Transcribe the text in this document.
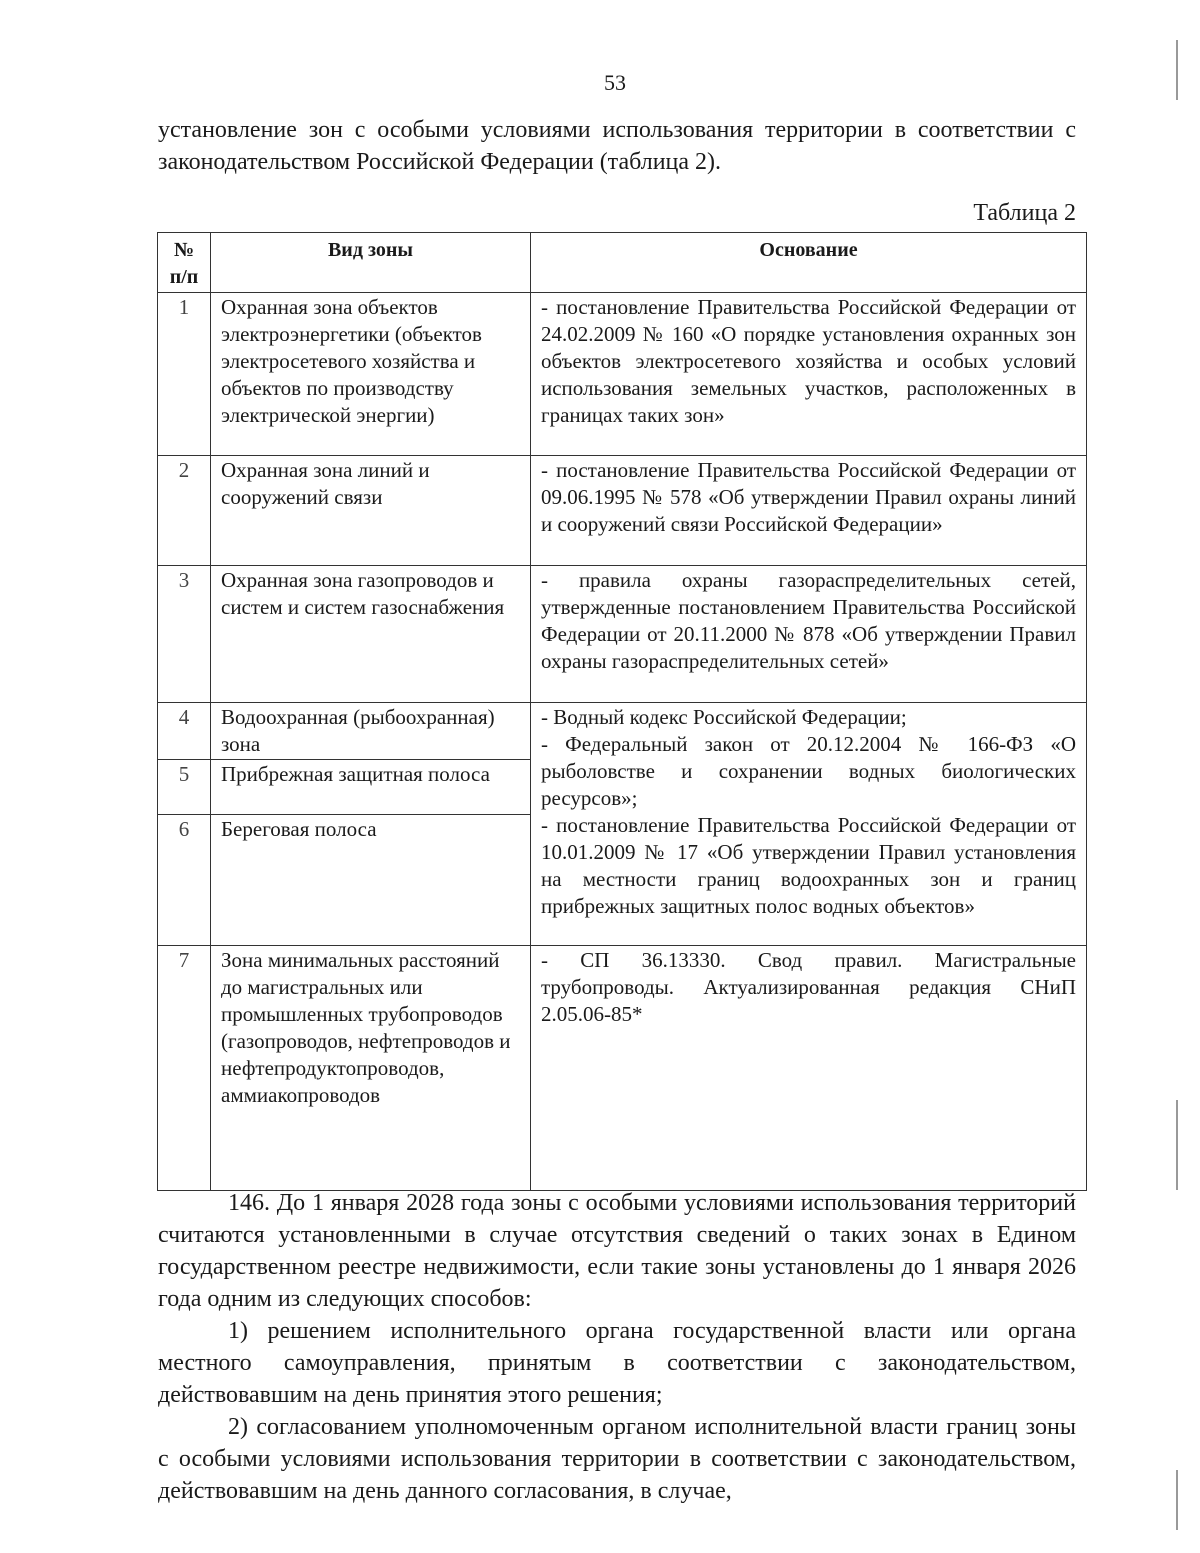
53
установление зон с особыми условиями использования территории в соответствии с законодательством Российской Федерации (таблица 2).
Таблица 2
№ п/п	Вид зоны	Основание
1	Охранная зона объектов электроэнергетики (объектов электросетевого хозяйства и объектов по производству электрической энергии)	- постановление Правительства Российской Федерации от 24.02.2009 № 160 «О порядке установления охранных зон объектов электросетевого хозяйства и особых условий использования земельных участков, расположенных в границах таких зон»
2	Охранная зона линий и сооружений связи	- постановление Правительства Российской Федерации от 09.06.1995 № 578 «Об утверждении Правил охраны линий и сооружений связи Российской Федерации»
3	Охранная зона газопроводов и систем и систем газоснабжения	- правила охраны газораспределительных сетей, утвержденные постановлением Правительства Российской Федерации от 20.11.2000 № 878 «Об утверждении Правил охраны газораспределительных сетей»
4	Водоохранная (рыбоохранная) зона	- Водный кодекс Российской Федерации;
- Федеральный закон от 20.12.2004 № 166-ФЗ «О рыболовстве и сохранении водных биологических ресурсов»;
- постановление Правительства Российской Федерации от 10.01.2009 № 17 «Об утверждении Правил установления на местности границ водоохранных зон и границ прибрежных защитных полос водных объектов»

5	Прибрежная защитная полоса	
6	Береговая полоса	
7	Зона минимальных расстояний до магистральных или промышленных трубопроводов (газопроводов, нефтепроводов и нефтепродуктопроводов, аммиакопроводов	- СП 36.13330. Свод правил. Магистральные трубопроводы. Актуализированная редакция СНиП 2.05.06-85*

146. До 1 января 2028 года зоны с особыми условиями использования территорий считаются установленными в случае отсутствия сведений о таких зонах в Едином государственном реестре недвижимости, если такие зоны установлены до 1 января 2026 года одним из следующих способов:

1) решением исполнительного органа государственной власти или органа местного самоуправления, принятым в соответствии с законодательством, действовавшим на день принятия этого решения;

2) согласованием уполномоченным органом исполнительной власти границ зоны с особыми условиями использования территории в соответствии с законодательством, действовавшим на день данного согласования, в случае,
